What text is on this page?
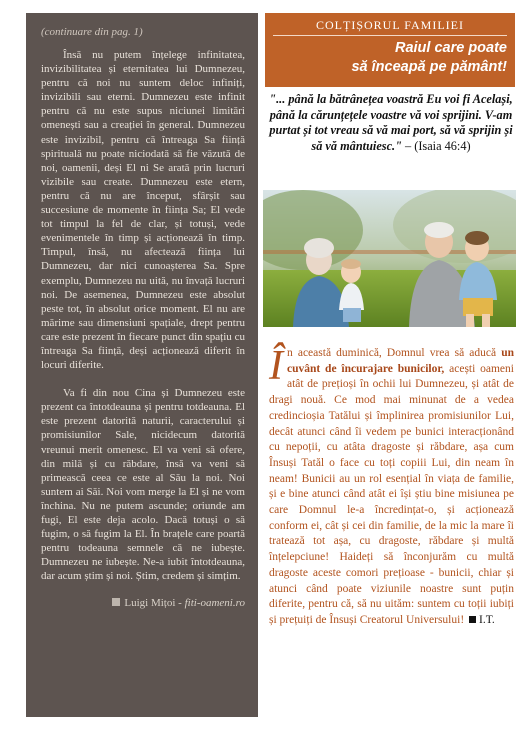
(continuare din pag. 1)

Însă nu putem înțelege infinitatea, invizibilitatea și eternitatea lui Dumnezeu, pentru că noi nu suntem deloc infiniți, invizibili sau eterni. Dumnezeu este infinit pentru că nu este supus niciunei limitări omenești sau a creației în general. Dumnezeu este invizibil, pentru că întreaga Sa ființă spirituală nu poate niciodată să fie văzută de noi, oamenii, deși El ni Se arată prin lucruri vizibile sau create. Dumnezeu este etern, pentru că nu are început, sfârșit sau succesiune de momente în ființa Sa; El vede tot timpul la fel de clar, și totuși, vede evenimentele în timp și acționează în timp. Timpul, însă, nu afectează ființa lui Dumnezeu, dar nici cunoașterea Sa. Spre exemplu, Dumnezeu nu uită, nu învață lucruri noi. De asemenea, Dumnezeu este absolut peste tot, în absolut orice moment. El nu are mărime sau dimensiuni spațiale, drept pentru care este prezent în fiecare punct din spațiu cu întreaga Sa ființă, deși acționează diferit în locuri diferite.

Va fi din nou Cina și Dumnezeu este prezent ca întotdeauna și pentru totdeauna. El este prezent datorită naturii, caracterului și promisiunilor Sale, nicidecum datorită vreunui merit omenesc. El va veni să ofere, din milă și cu răbdare, însă va veni să primească ceea ce este al Său la noi. Noi suntem ai Săi. Noi vom merge la El și ne vom închina. Nu ne putem ascunde; oriunde am fugi, El este deja acolo. Dacă totuși o să fugim, o să fugim la El. În brațele care poartă pentru todeauna semnele că ne iubește. Dumnezeu ne iubește. Ne-a iubit întotdeauna, dar acum știm și noi. Știm, credem și simțim.

Luigi Mițoi - fiti-oameni.ro
COLȚIȘORUL FAMILIEI
Raiul care poate
să înceapă pe pământ!
"... până la bătrânețea voastră Eu voi fi Același, până la cărunțețele voastre vă voi sprijini. V-am purtat și tot vreau să vă mai port, să vă sprijin și să vă mântuiesc." – (Isaia 46:4)
În această duminică, Domnul vrea să aducă un cuvânt de încurajare bunicilor, acești oameni atât de prețioși în ochii lui Dumnezeu, și atât de dragi nouă. Ce mod mai minunat de a vedea credincioșia Tatălui și împlinirea promisiunilor Lui, decât atunci când îi vedem pe bunici interacționând cu nepoții, cu atâta dragoste și răbdare, așa cum Însuși Tatăl o face cu toți copiii Lui, din neam în neam! Bunicii au un rol esențial în viața de familie, și e bine atunci când atât ei își știu bine misiunea pe care Domnul le-a încredințat-o, și acționează conform ei, cât și cei din familie, de la mic la mare îi tratează tot așa, cu dragoste, răbdare și multă înțelepciune! Haideți să înconjurăm cu multă dragoste aceste comori prețioase - bunicii, chiar și atunci când poate viziunile noastre sunt puțin diferite, pentru că, să nu uităm: suntem cu toții iubiți și prețuiți de Însuși Creatorul Universului! I.T.
